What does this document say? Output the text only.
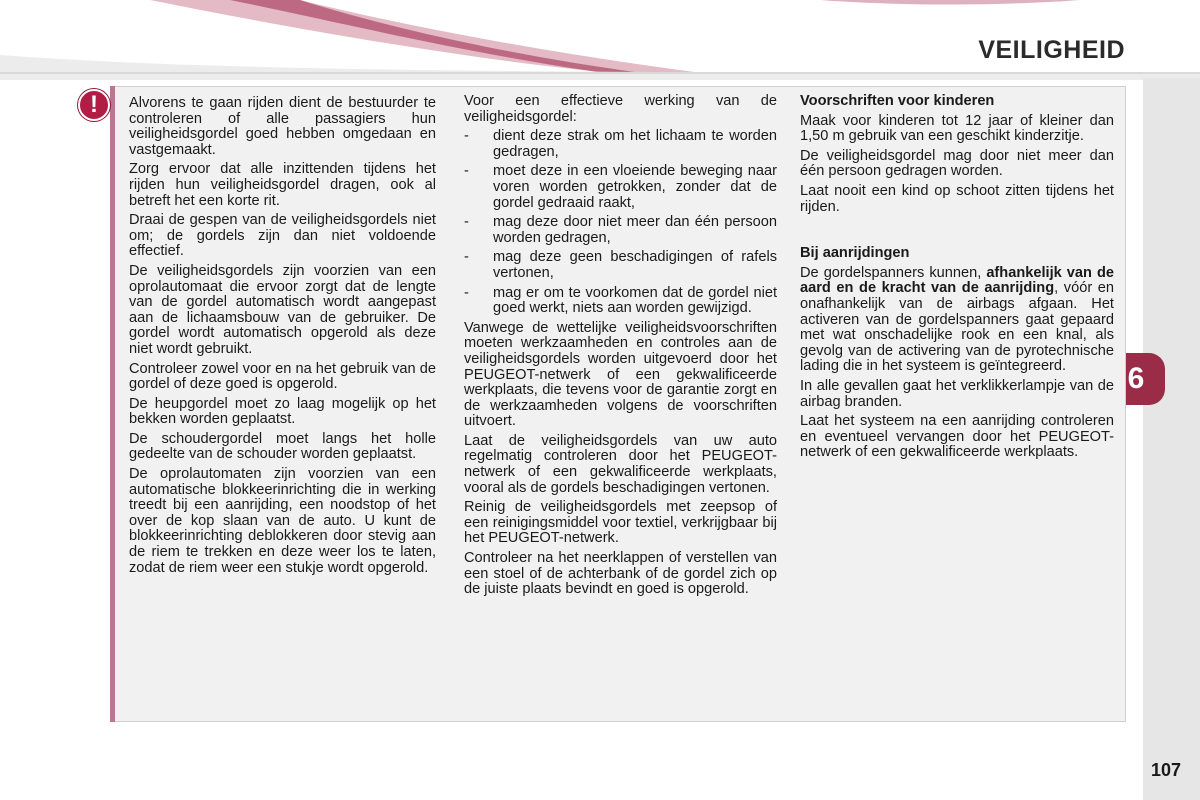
VEILIGHEID
6
! Alvorens te gaan rijden dient de bestuurder te controleren of alle passagiers hun veiligheidsgordel goed hebben omgedaan en vastgemaakt.

Zorg ervoor dat alle inzittenden tijdens het rijden hun veiligheidsgordel dragen, ook al betreft het een korte rit.

Draai de gespen van de veiligheidsgordels niet om; de gordels zijn dan niet voldoende effectief.

De veiligheidsgordels zijn voorzien van een oprolautomaat die ervoor zorgt dat de lengte van de gordel automatisch wordt aangepast aan de lichaamsbouw van de gebruiker. De gordel wordt automatisch opgerold als deze niet wordt gebruikt.

Controleer zowel voor en na het gebruik van de gordel of deze goed is opgerold.

De heupgordel moet zo laag mogelijk op het bekken worden geplaatst.

De schoudergordel moet langs het holle gedeelte van de schouder worden geplaatst.

De oprolautomaten zijn voorzien van een automatische blokkeerinrichting die in werking treedt bij een aanrijding, een noodstop of het over de kop slaan van de auto. U kunt de blokkeerinrichting deblokkeren door stevig aan de riem te trekken en deze weer los te laten, zodat de riem weer een stukje wordt opgerold.

Voor een effectieve werking van de veiligheidsgordel:

- dient deze strak om het lichaam te worden gedragen,
- moet deze in een vloeiende beweging naar voren worden getrokken, zonder dat de gordel gedraaid raakt,
- mag deze door niet meer dan één persoon worden gedragen,
- mag deze geen beschadigingen of rafels vertonen,
- mag er om te voorkomen dat de gordel niet goed werkt, niets aan worden gewijzigd.

Vanwege de wettelijke veiligheidsvoorschriften moeten werkzaamheden en controles aan de veiligheidsgordels worden uitgevoerd door het PEUGEOT-netwerk of een gekwalificeerde werkplaats, die tevens voor de garantie zorgt en de werkzaamheden volgens de voorschriften uitvoert.

Laat de veiligheidsgordels van uw auto regelmatig controleren door het PEUGEOT-netwerk of een gekwalificeerde werkplaats, vooral als de gordels beschadigingen vertonen.

Reinig de veiligheidsgordels met zeepsop of een reinigingsmiddel voor textiel, verkrijgbaar bij het PEUGEOT-netwerk.

Controleer na het neerklappen of verstellen van een stoel of de achterbank of de gordel zich op de juiste plaats bevindt en goed is opgerold.

Voorschriften voor kinderen

Maak voor kinderen tot 12 jaar of kleiner dan 1,50 m gebruik van een geschikt kinderzitje.

De veiligheidsgordel mag door niet meer dan één persoon gedragen worden.

Laat nooit een kind op schoot zitten tijdens het rijden.

Bij aanrijdingen

De gordelspanners kunnen, afhankelijk van de aard en de kracht van de aanrijding, vóór en onafhankelijk van de airbags afgaan. Het activeren van de gordelspanners gaat gepaard met wat onschadelijke rook en een knal, als gevolg van de activering van de pyrotechnische lading die in het systeem is geïntegreerd.

In alle gevallen gaat het verklikkerlampje van de airbag branden.

Laat het systeem na een aanrijding controleren en eventueel vervangen door het PEUGEOT-netwerk of een gekwalificeerde werkplaats.

107
